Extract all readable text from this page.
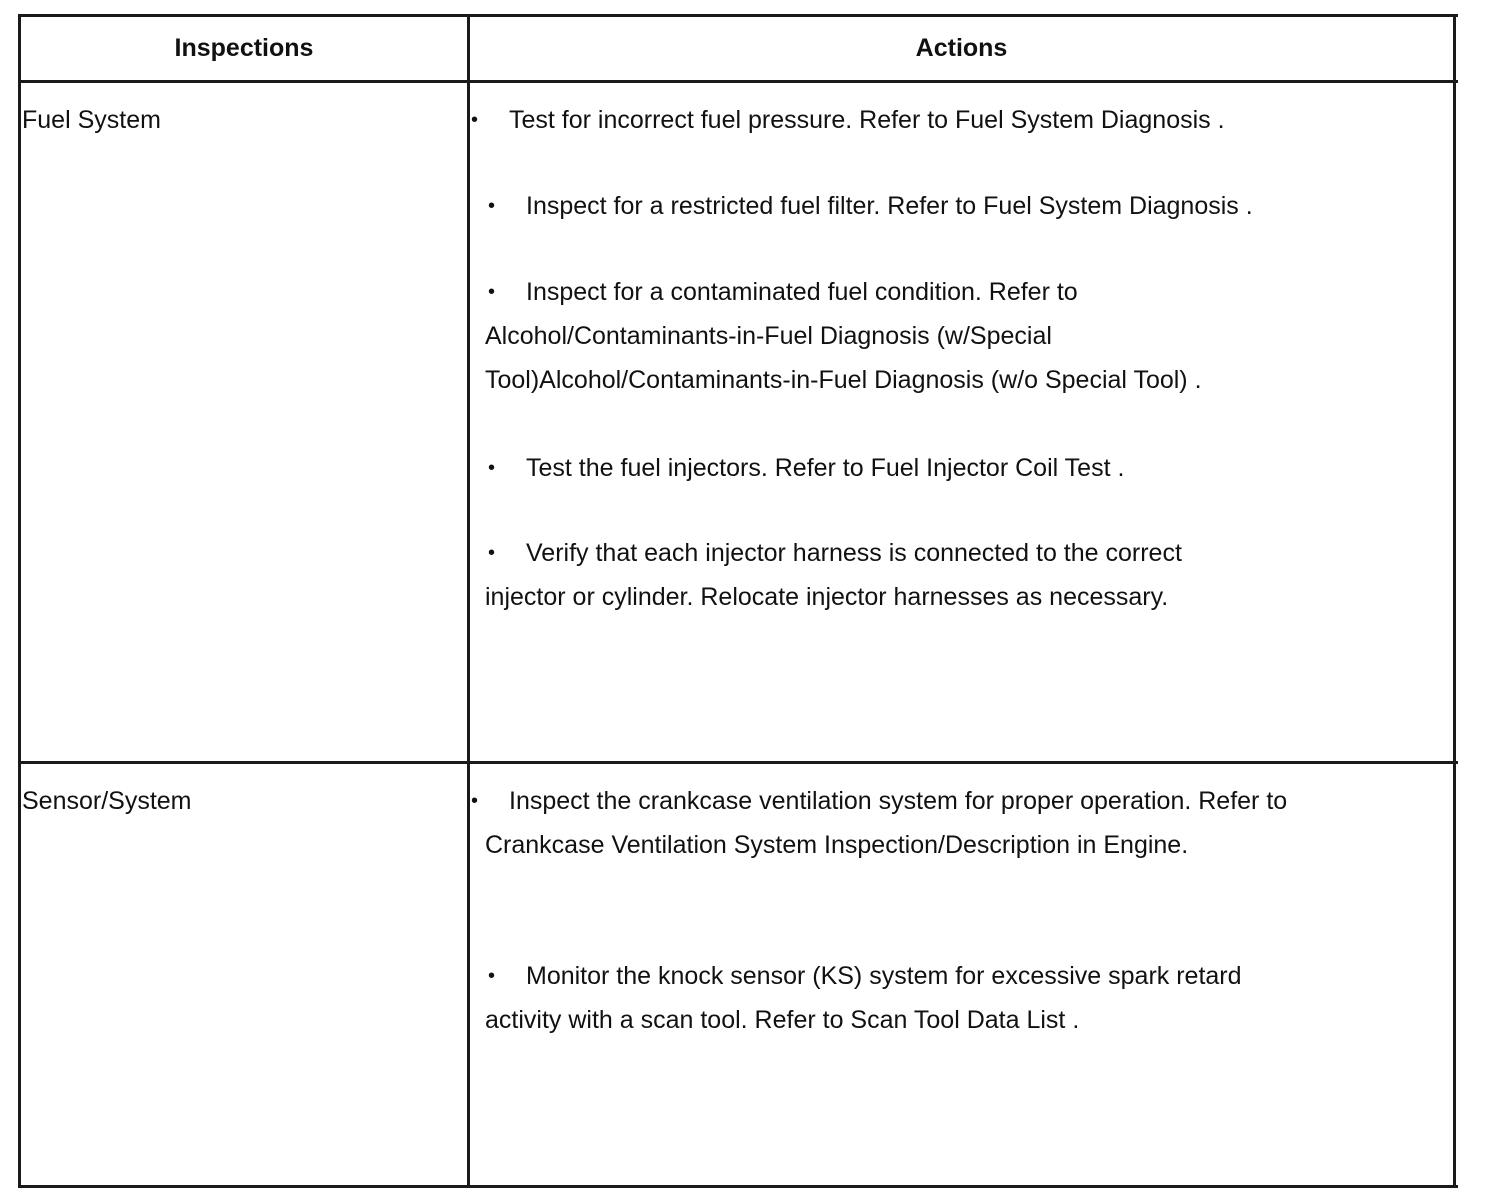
Inspections	Actions
Fuel System	• Test for incorrect fuel pressure. Refer to Fuel System Diagnosis .
• Inspect for a restricted fuel filter. Refer to Fuel System Diagnosis .
• Inspect for a contaminated fuel condition. Refer to
Alcohol/Contaminants-in-Fuel Diagnosis (w/Special
Tool)Alcohol/Contaminants-in-Fuel Diagnosis (w/o Special Tool) .
• Test the fuel injectors. Refer to Fuel Injector Coil Test .
• Verify that each injector harness is connected to the correct
injector or cylinder. Relocate injector harnesses as necessary.
Sensor/System	• Inspect the crankcase ventilation system for proper operation. Refer to
Crankcase Ventilation System Inspection/Description in Engine.
• Monitor the knock sensor (KS) system for excessive spark retard
activity with a scan tool. Refer to Scan Tool Data List .
